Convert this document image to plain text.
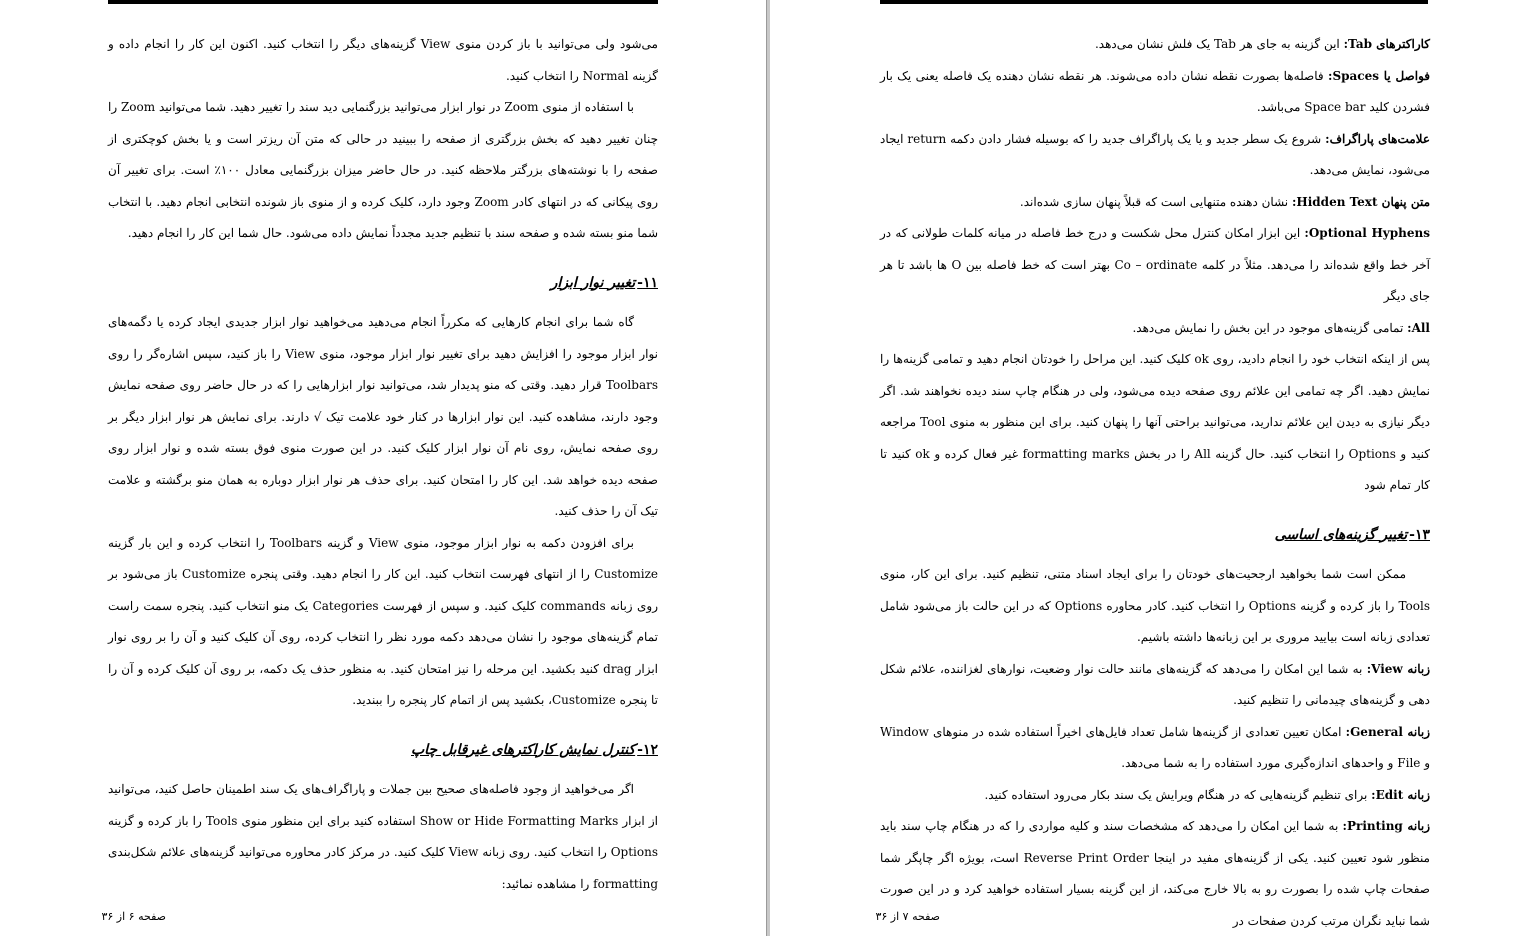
می‌شود ولی می‌توانید با باز کردن منوی View گزینه‌های دیگر را انتخاب کنید. اکنون این کار را انجام داده و گزینه Normal را انتخاب کنید.

با استفاده از منوی Zoom در نوار ابزار می‌توانید بزرگنمایی دید سند را تغییر دهید. شما می‌توانید Zoom را چنان تغییر دهید که بخش بزرگتری از صفحه را ببینید در حالی که متن آن ریزتر است و یا بخش کوچکتری از صفحه را با نوشته‌های بزرگتر ملاحظه کنید. در حال حاضر میزان بزرگنمایی معادل ۱۰۰٪ است. برای تغییر آن روی پیکانی که در انتهای کادر Zoom وجود دارد، کلیک کرده و از منوی باز شونده انتخابی انجام دهید. با انتخاب شما منو بسته شده و صفحه سند با تنظیم جدید مجدداً نمایش داده می‌شود. حال شما این کار را انجام دهید.

۱۱-تغییر نوار ابزار

گاه شما برای انجام کارهایی که مکرراً انجام می‌دهید می‌خواهید نوار ابزار جدیدی ایجاد کرده یا دگمه‌های نوار ابزار موجود را افزایش دهید برای تغییر نوار ابزار موجود، منوی View را باز کنید، سپس اشاره‌گر را روی Toolbars قرار دهید. وقتی که منو پدیدار شد، می‌توانید نوار ابزارهایی را که در حال حاضر روی صفحه نمایش وجود دارند، مشاهده کنید. این نوار ابزارها در کنار خود علامت تیک √ دارند. برای نمایش هر نوار ابزار دیگر بر روی صفحه نمایش، روی نام آن نوار ابزار کلیک کنید. در این صورت منوی فوق بسته شده و نوار ابزار روی صفحه دیده خواهد شد. این کار را امتحان کنید. برای حذف هر نوار ابزار دوباره به همان منو برگشته و علامت تیک آن را حذف کنید.

برای افزودن دکمه به نوار ابزار موجود، منوی View و گزینه Toolbars را انتخاب کرده و این بار گزینه Customize را از انتهای فهرست انتخاب کنید. این کار را انجام دهید. وقتی پنجره Customize باز می‌شود بر روی زبانه commands کلیک کنید. و سپس از فهرست Categories یک منو انتخاب کنید. پنجره سمت راست تمام گزینه‌های موجود را نشان می‌دهد دکمه مورد نظر را انتخاب کرده، روی آن کلیک کنید و آن را بر روی نوار ابزار drag کنید بکشید. این مرحله را نیز امتحان کنید. به منظور حذف یک دکمه، بر روی آن کلیک کرده و آن را تا پنجره Customize، بکشید پس از اتمام کار پنجره را ببندید.

۱۲-کنترل نمایش کاراکترهای غیرقابل چاپ

اگر می‌خواهید از وجود فاصله‌های صحیح بین جملات و پاراگراف‌های یک سند اطمینان حاصل کنید، می‌توانید از ابزار Show or Hide Formatting Marks استفاده کنید برای این منظور منوی Tools را باز کرده و گزینه Options را انتخاب کنید. روی زبانه View کلیک کنید. در مرکز کادر محاوره می‌توانید گزینه‌های علائم شکل‌بندی formatting را مشاهده نمائید:

صفحه ۶ از ۳۶

کاراکترهای Tab: این گزینه به جای هر Tab یک فلش نشان می‌دهد.

فواصل یا Spaces: فاصله‌ها بصورت نقطه نشان داده می‌شوند. هر نقطه نشان دهنده یک فاصله یعنی یک بار فشردن کلید Space bar می‌باشد.

علامت‌های پاراگراف: شروع یک سطر جدید و یا یک پاراگراف جدید را که بوسیله فشار دادن دکمه return ایجاد می‌شود، نمایش می‌دهد.

متن پنهان Hidden Text: نشان دهنده متنهایی است که قبلاً پنهان سازی شده‌اند.

Optional Hyphens: این ابزار امکان کنترل محل شکست و درج خط فاصله در میانه کلمات طولانی که در آخر خط واقع شده‌اند را می‌دهد. مثلاً در کلمه Co – ordinate بهتر است که خط فاصله بین O ها باشد تا هر جای دیگر

All: تمامی گزینه‌های موجود در این بخش را نمایش می‌دهد.

پس از اینکه انتخاب خود را انجام دادید، روی ok کلیک کنید. این مراحل را خودتان انجام دهید و تمامی گزینه‌ها را نمایش دهید. اگر چه تمامی این علائم روی صفحه دیده می‌شود، ولی در هنگام چاپ سند دیده نخواهند شد. اگر دیگر نیازی به دیدن این علائم ندارید، می‌توانید براحتی آنها را پنهان کنید. برای این منظور به منوی Tool مراجعه کنید و Options را انتخاب کنید. حال گزینه All را در بخش formatting marks غیر فعال کرده و ok کنید تا کار تمام شود

۱۳-تغییر گزینه‌های اساسی

ممکن است شما بخواهید ارجحیت‌های خودتان را برای ایجاد اسناد متنی، تنظیم کنید. برای این کار، منوی Tools را باز کرده و گزینه Options را انتخاب کنید. کادر محاوره Options که در این حالت باز می‌شود شامل تعدادی زبانه است بیایید مروری بر این زبانه‌ها داشته باشیم.

زبانه View: به شما این امکان را می‌دهد که گزینه‌های مانند حالت نوار وضعیت، نوارهای لغزاننده، علائم شکل دهی و گزینه‌های چیدمانی را تنظیم کنید.

زبانه General: امکان تعیین تعدادی از گزینه‌ها شامل تعداد فایل‌های اخیراً استفاده شده در منوهای Window و File و واحدهای اندازه‌گیری مورد استفاده را به شما می‌دهد.

زبانه Edit: برای تنظیم گزینه‌هایی که در هنگام ویرایش یک سند بکار می‌رود استفاده کنید.

زبانه Printing: به شما این امکان را می‌دهد که مشخصات سند و کلیه مواردی را که در هنگام چاپ سند باید منظور شود تعیین کنید. یکی از گزینه‌های مفید در اینجا Reverse Print Order است، بویژه اگر چاپگر شما صفحات چاپ شده را بصورت رو به بالا خارج می‌کند، از این گزینه بسیار استفاده خواهید کرد و در این صورت شما نباید نگران مرتب کردن صفحات در

صفحه ۷ از ۳۶
